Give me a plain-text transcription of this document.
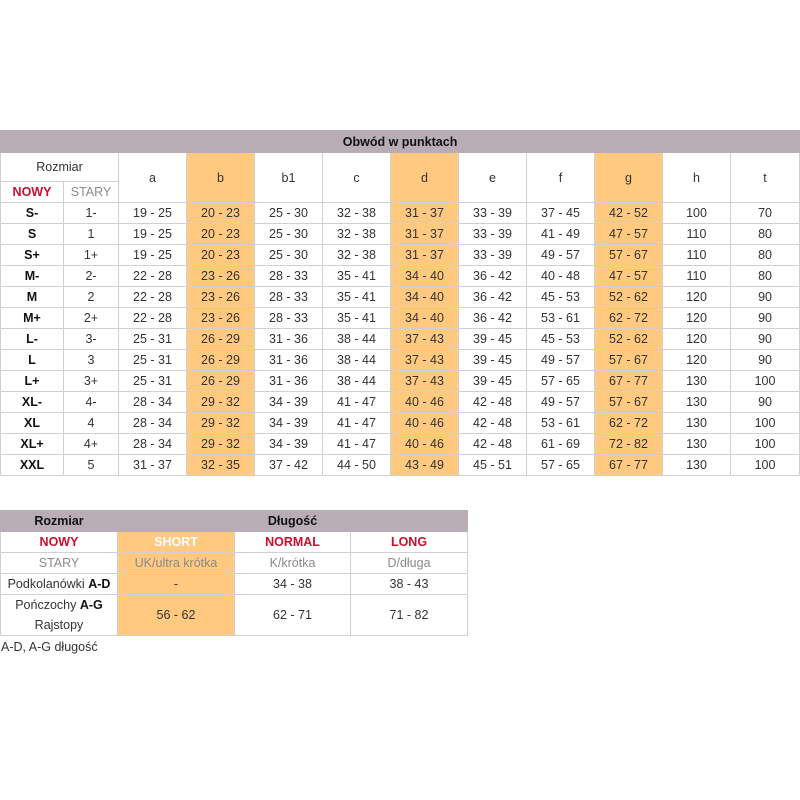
Obwód w punktach											
Rozmiar		a	b	b1	c	d	e	f	g	h	t
NOWY	STARY										
S-	1-	19 - 25	20 - 23	25 - 30	32 - 38	31 - 37	33 - 39	37 - 45	42 - 52	100	70
S	1	19 - 25	20 - 23	25 - 30	32 - 38	31 - 37	33 - 39	41 - 49	47 - 57	110	80
S+	1+	19 - 25	20 - 23	25 - 30	32 - 38	31 - 37	33 - 39	49 - 57	57 - 67	110	80
M-	2-	22 - 28	23 - 26	28 - 33	35 - 41	34 - 40	36 - 42	40 - 48	47 - 57	110	80
M	2	22 - 28	23 - 26	28 - 33	35 - 41	34 - 40	36 - 42	45 - 53	52 - 62	120	90
M+	2+	22 - 28	23 - 26	28 - 33	35 - 41	34 - 40	36 - 42	53 - 61	62 - 72	120	90
L-	3-	25 - 31	26 - 29	31 - 36	38 - 44	37 - 43	39 - 45	45 - 53	52 - 62	120	90
L	3	25 - 31	26 - 29	31 - 36	38 - 44	37 - 43	39 - 45	49 - 57	57 - 67	120	90
L+	3+	25 - 31	26 - 29	31 - 36	38 - 44	37 - 43	39 - 45	57 - 65	67 - 77	130	100
XL-	4-	28 - 34	29 - 32	34 - 39	41 - 47	40 - 46	42 - 48	49 - 57	57 - 67	130	90
XL	4	28 - 34	29 - 32	34 - 39	41 - 47	40 - 46	42 - 48	53 - 61	62 - 72	130	100
XL+	4+	28 - 34	29 - 32	34 - 39	41 - 47	40 - 46	42 - 48	61 - 69	72 - 82	130	100
XXL	5	31 - 37	32 - 35	37 - 42	44 - 50	43 - 49	45 - 51	57 - 65	67 - 77	130	100
Rozmiar	Długość		
NOWY	SHORT	NORMAL	LONG
STARY	UK/ultra krótka	K/krótka	D/długa
Podkolanówki A-D	-	34 - 38	38 - 43

Pończochy A-G
Rajstopy	56 - 62	62 - 71	71 - 82
A-D, A-G długość
